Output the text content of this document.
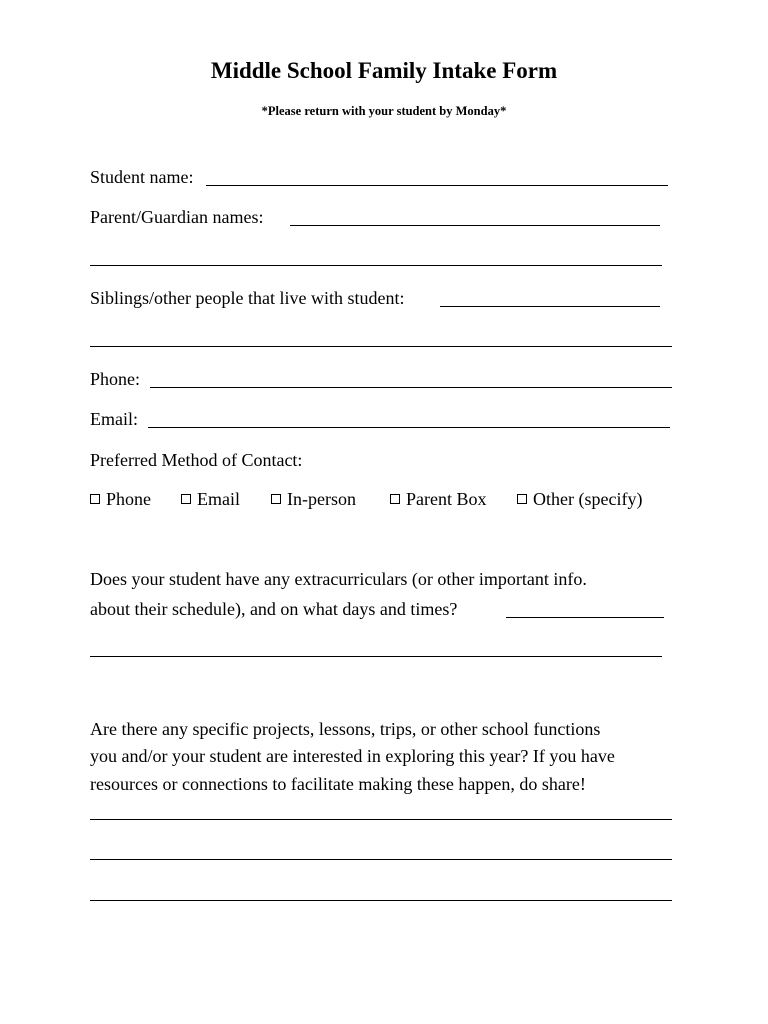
Middle School Family Intake Form
*Please return with your student by Monday*
Student name:
Parent/Guardian names:
Siblings/other people that live with student:
Phone:
Email:
Preferred Method of Contact:
Phone	Email	In-person	Parent Box	Other (specify)
Does your student have any extracurriculars (or other important info.
about their schedule), and on what days and times?
Are there any specific projects, lessons, trips, or other school functions
you and/or your student are interested in exploring this year? If you have
resources or connections to facilitate making these happen, do share!
